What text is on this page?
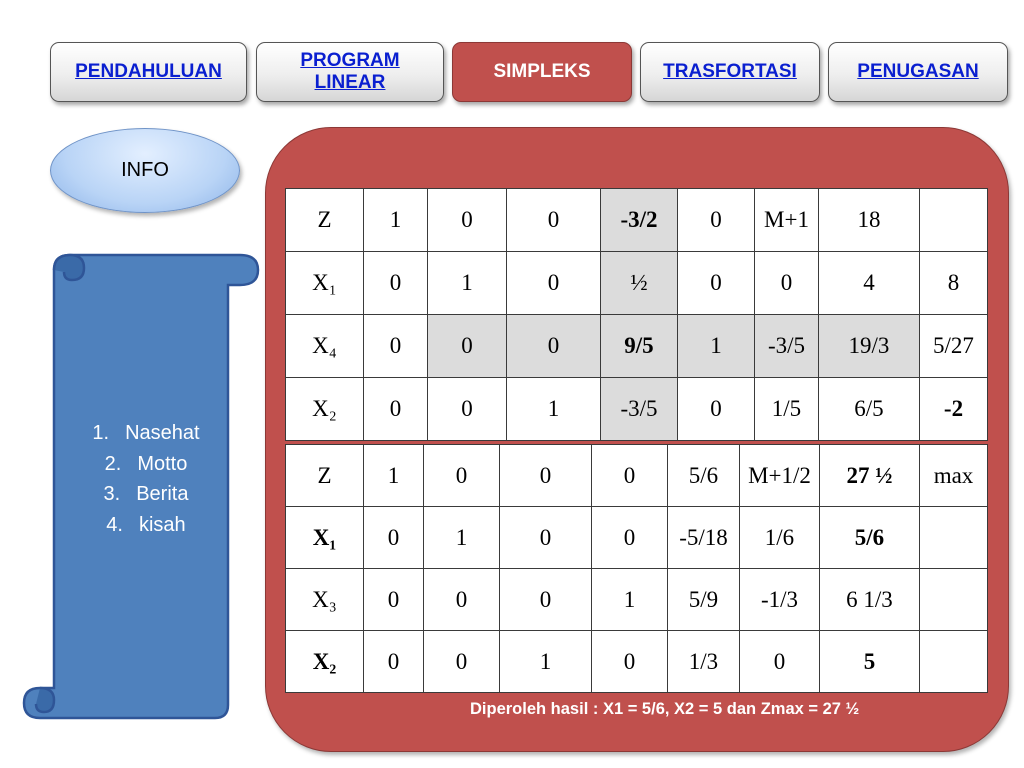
PENDAHULUAN
PROGRAM
LINEAR
SIMPLEKS	TRASFORTASI	PENUGASAN
INFO
1. Nasehat
2. Motto
3. Berita
4. kisah
Z	1	0	0	-3/2	0	M+1	18	
X₁	0	1	0	½	0	0	4	8
X₄	0	0	0	9/5	1	-3/5	19/3	5/27
X₂	0	0	1	-3/5	0	1/5	6/5	-2
Z	1	0	0	0	5/6	M+1/2	27 ½	max
X₁	0	1	0	0	-5/18	1/6	5/6	
X₃	0	0	0	1	5/9	-1/3	6 1/3	
X₂	0	0	1	0	1/3	0	5	
Diperoleh hasil : X1 = 5/6, X2 = 5 dan Zmax = 27 ½
